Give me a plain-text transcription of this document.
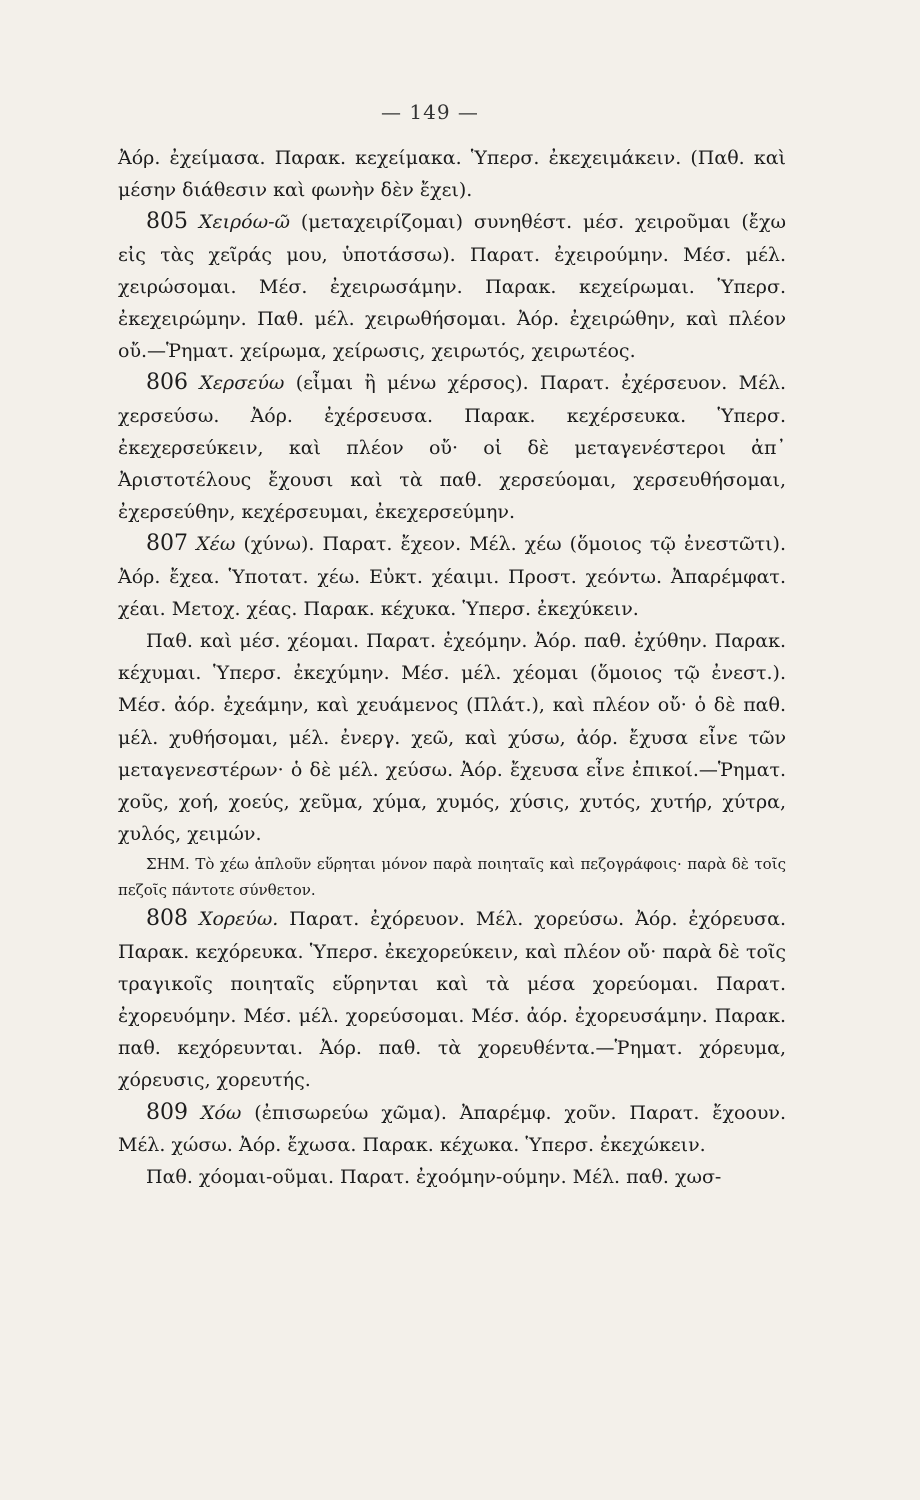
— 149 —

Ἀόρ. ἐχείμασα. Παρακ. κεχείμακα. Ὑπερσ. ἐκεχειμάκειν. (Παθ. καὶ μέσην διάθεσιν καὶ φωνὴν δὲν ἔχει).

805 Χειρόω-ῶ (μεταχειρίζομαι) συνηθέστ. μέσ. χειροῦμαι (ἔχω εἰς τὰς χεῖράς μου, ὑποτάσσω). Παρατ. ἐχειρούμην. Μέσ. μέλ. χειρώσομαι. Μέσ. ἐχειρωσάμην. Παρακ. κεχείρωμαι. Ὑπερσ. ἐκεχειρώμην. Παθ. μέλ. χειρωθήσομαι. Ἀόρ. ἐχειρώθην, καὶ πλέον οὔ.—Ῥηματ. χείρωμα, χείρωσις, χειρωτός, χειρωτέος.

806 Χερσεύω (εἶμαι ἢ μένω χέρσος). Παρατ. ἐχέρσευον. Μέλ. χερσεύσω. Ἀόρ. ἐχέρσευσα. Παρακ. κεχέρσευκα. Ὑπερσ. ἐκεχερσεύκειν, καὶ πλέον οὔ· οἱ δὲ μεταγενέστεροι ἀπ᾽ Ἀριστοτέλους ἔχουσι καὶ τὰ παθ. χερσεύομαι, χερσευθήσομαι, ἐχερσεύθην, κεχέρσευμαι, ἐκεχερσεύμην.

807 Χέω (χύνω). Παρατ. ἔχεον. Μέλ. χέω (ὅμοιος τῷ ἐνεστῶτι). Ἀόρ. ἔχεα. Ὑποτατ. χέω. Εὐκτ. χέαιμι. Προστ. χεόντω. Ἀπαρέμφατ. χέαι. Μετοχ. χέας. Παρακ. κέχυκα. Ὑπερσ. ἐκεχύκειν.

Παθ. καὶ μέσ. χέομαι. Παρατ. ἐχεόμην. Ἀόρ. παθ. ἐχύθην. Παρακ. κέχυμαι. Ὑπερσ. ἐκεχύμην. Μέσ. μέλ. χέομαι (ὅμοιος τῷ ἐνεστ.). Μέσ. ἀόρ. ἐχεάμην, καὶ χευάμενος (Πλάτ.), καὶ πλέον οὔ· ὁ δὲ παθ. μέλ. χυθήσομαι, μέλ. ἐνεργ. χεῶ, καὶ χύσω, ἀόρ. ἔχυσα εἶνε τῶν μεταγενεστέρων· ὁ δὲ μέλ. χεύσω. Ἀόρ. ἔχευσα εἶνε ἐπικοί.—Ῥηματ. χοῦς, χοή, χοεύς, χεῦμα, χύμα, χυμός, χύσις, χυτός, χυτήρ, χύτρα, χυλός, χειμών.

ΣΗΜ. Τὸ χέω ἁπλοῦν εὕρηται μόνον παρὰ ποιηταῖς καὶ πεζογράφοις· παρὰ δὲ τοῖς πεζοῖς πάντοτε σύνθετον.

808 Χορεύω. Παρατ. ἐχόρευον. Μέλ. χορεύσω. Ἀόρ. ἐχόρευσα. Παρακ. κεχόρευκα. Ὑπερσ. ἐκεχορεύκειν, καὶ πλέον οὔ· παρὰ δὲ τοῖς τραγικοῖς ποιηταῖς εὕρηνται καὶ τὰ μέσα χορεύομαι. Παρατ. ἐχορευόμην. Μέσ. μέλ. χορεύσομαι. Μέσ. ἀόρ. ἐχορευσάμην. Παρακ. παθ. κεχόρευνται. Ἀόρ. παθ. τὰ χορευθέντα.—Ῥηματ. χόρευμα, χόρευσις, χορευτής.

809 Χόω (ἐπισωρεύω χῶμα). Ἀπαρέμφ. χοῦν. Παρατ. ἔχοουν. Μέλ. χώσω. Ἀόρ. ἔχωσα. Παρακ. κέχωκα. Ὑπερσ. ἐκεχώκειν.

Παθ. χόομαι-οῦμαι. Παρατ. ἐχοόμην-ούμην. Μέλ. παθ. χωσ-
